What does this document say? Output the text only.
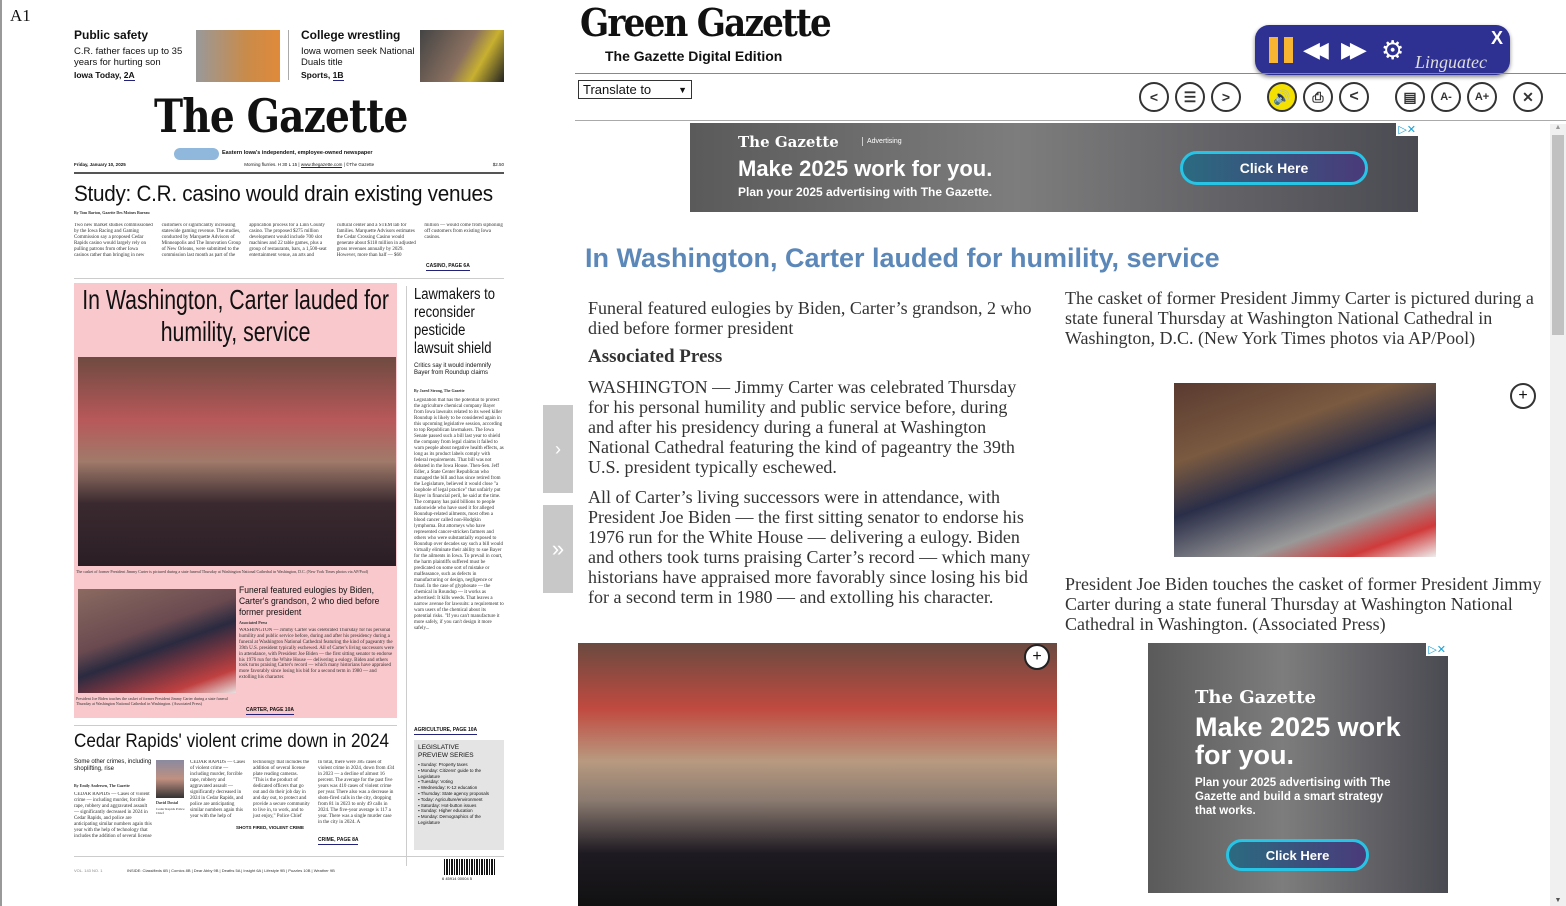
A1
Public safety
C.R. father faces up to 35 years for hurting son
Iowa Today, 2A
College wrestling
Iowa women seek National Duals title
Sports, 1B
The Gazette
Eastern Iowa's independent, employee-owned newspaper
Friday, January 10, 2025	Morning flurries. H 30 L 15 | www.thegazette.com | ©The Gazette	$2.50
Study: C.R. casino would drain existing venues
By Tom Barton, Gazette Des Moines Bureau
Two new market studies commissioned by the Iowa Racing and Gaming Commission say a proposed Cedar Rapids casino would largely rely on pulling patrons from other Iowa casinos rather than bringing in new customers or significantly increasing statewide gaming revenue. The studies, conducted by Marquette Advisors of Minneapolis and The Innovation Group of New Orleans, were submitted to the commission last month as part of the application process for a Linn County casino. The proposed $275 million development would include 700 slot machines and 22 table games, plus a group of restaurants, bars, a 1,500-seat entertainment venue, an arts and cultural center and a STEM lab for families. Marquette Advisors estimates the Cedar Crossing Casino would generate about $118 million in adjusted gross revenues annually by 2029. However, more than half — $60 million — would come from siphoning off customers from existing Iowa casinos.
CASINO, PAGE 6A
In Washington, Carter lauded for humility, service
The casket of former President Jimmy Carter is pictured during a state funeral Thursday at Washington National Cathedral in Washington, D.C. (New York Times photos via AP/Pool)
President Joe Biden touches the casket of former President Jimmy Carter during a state funeral Thursday at Washington National Cathedral in Washington. (Associated Press)
Funeral featured eulogies by Biden, Carter's grandson, 2 who died before former president
Associated Press
WASHINGTON — Jimmy Carter was celebrated Thursday for his personal humility and public service before, during and after his presidency during a funeral at Washington National Cathedral featuring the kind of pageantry the 39th U.S. president typically eschewed. All of Carter's living successors were in attendance, with President Joe Biden — the first sitting senator to endorse his 1976 run for the White House — delivering a eulogy. Biden and others took turns praising Carter's record — which many historians have appraised more favorably since losing his bid for a second term in 1980 — and extolling his character.
CARTER, PAGE 10A
Lawmakers to reconsider pesticide lawsuit shield
Critics say it would indemnify Bayer from Roundup claims
By Jared Strong, The Gazette
Legislation that has the potential to protect the agriculture chemical company Bayer from Iowa lawsuits related to its weed killer Roundup is likely to be considered again in this upcoming legislative session, according to top Republican lawmakers. The Iowa Senate passed such a bill last year to shield the company from legal claims it failed to warn people about negative health effects, as long as its product labels comply with federal requirements. That bill was not debated in the Iowa House. Then-Sen. Jeff Edler, a State Center Republican who managed the bill and has since retired from the Legislature, believed it would close "a loophole of legal practice" that unfairly put Bayer in financial peril, he said at the time. The company has paid billions to people nationwide who have sued it for alleged Roundup-related ailments, most often a blood cancer called non-Hodgkin lymphoma. But attorneys who have represented cancer-stricken farmers and others who were substantially exposed to Roundup over decades say such a bill would virtually eliminate their ability to sue Bayer for the ailments in Iowa. To prevail in court, the harm plaintiffs suffered must be predicated on some sort of mistake or malfeasance, such as defects in manufacturing or design, negligence or fraud. In the case of glyphosate — the chemical in Roundup — it works as advertised: It kills weeds. That leaves a narrow avenue for lawsuits: a requirement to warn users of the chemical about its potential risks. "If you can't manufacture it more safely, if you can't design it more safely...
AGRICULTURE, PAGE 10A
LEGISLATIVE PREVIEW SERIES
▪ Sunday: Property taxes
▪ Monday: Citizens' guide to the Legislature
▪ Tuesday: Voting
▪ Wednesday: K-12 education
▪ Thursday: State agency proposals
▪ Today: Agriculture/environment
▪ Saturday: Hot-button issues
▪ Sunday: Higher education
▪ Monday: Demographics of the Legislature
Cedar Rapids' violent crime down in 2024
Some other crimes, including shoplifting, rise
By Emily Andersen, The Gazette
CEDAR RAPIDS — Cases of violent crime — including murder, forcible rape, robbery and aggravated assault — significantly decreased in 2024 in Cedar Rapids, and police are anticipating similar numbers again this year with the help of technology that includes the addition of several license
David Dostal
Cedar Rapids Police Chief
CEDAR RAPIDS — Cases of violent crime — including murder, forcible rape, robbery and aggravated assault — significantly decreased in 2024 in Cedar Rapids, and police are anticipating similar numbers again this year with the help of technology that includes the addition of several license plate reading cameras. "This is the product of dedicated officers that go out and do their job day in and day out, to protect and provide a secure community to live in, to work, and to just enjoy," Police Chief
SHOTS FIRED, VIOLENT CRIME
In total, there were 385 cases of violent crime in 2024, down from 434 in 2023 — a decline of almost 16 percent. The average for the past five years was 410 cases of violent crime per year. There also was a decrease in shots-fired calls in the city, dropping from 81 in 2023 to only 49 calls in 2024. The five-year average is 117 a year. There was a single murder case in the city in 2024. A
CRIME, PAGE 8A
VOL. 143 NO. 1	INSIDE: Classifieds 6B | Comics 8B | Dear Abby 9B | Deaths 5A | Insight 6A | Lifestyle 9B | Puzzles 10B | Weather 9B
6 45914 00004 5
›
»
Green Gazette
The Gazette Digital Edition	◀◀ ▶▶ ⚙ Linguatec
X
Translate to	▼	<	☰	>	🔊	⎙	<	▤	A-	A+	✕
The Gazette	Advertising
Make 2025 work for you.
Plan your 2025 advertising with The Gazette.
Click Here
▷✕
In Washington, Carter lauded for humility, service
Funeral featured eulogies by Biden, Carter’s grandson, 2 who died before former president
Associated Press

WASHINGTON — Jimmy Carter was celebrated Thursday for his personal humility and public service before, during and after his presidency during a funeral at Washington National Cathedral featuring the kind of pageantry the 39th U.S. president typically eschewed.

All of Carter’s living successors were in attendance, with President Joe Biden — the first sitting senator to endorse his 1976 run for the White House — delivering a eulogy. Biden and others took turns praising Carter’s record — which many historians have appraised more favorably since losing his bid for a second term in 1980 — and extolling his character.

The casket of former President Jimmy Carter is pictured during a state funeral Thursday at Washington National Cathedral in Washington, D.C. (New York Times photos via AP/Pool)
+
President Joe Biden touches the casket of former President Jimmy Carter during a state funeral Thursday at Washington National Cathedral in Washington. (Associated Press)
+
The Gazette
Make 2025 work for you.
Plan your 2025 advertising with The Gazette and build a smart strategy that works.
Click Here
▷✕
▲
▼
